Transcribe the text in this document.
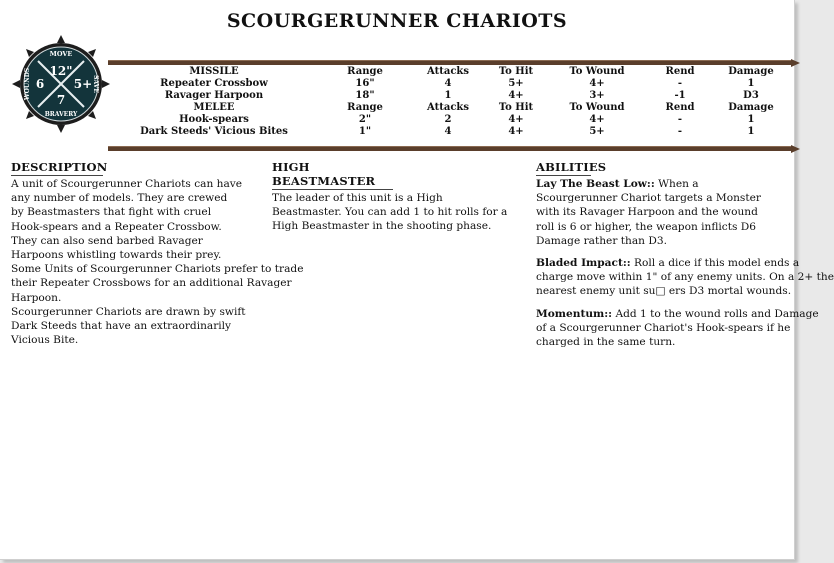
SCOURGERUNNER CHARIOTS
MOVE
12"
6 5+
7
BRAVERY
WOUNDS	SAVE
MISSILE	Range	Attacks	To Hit	To Wound	Rend	Damage
Repeater Crossbow	16"	4	5+	4+	-	1
Ravager Harpoon	18"	1	4+	3+	-1	D3
MELEE	Range	Attacks	To Hit	To Wound	Rend	Damage
Hook-spears	2"	2	4+	4+	-	1
Dark Steeds' Vicious Bites	1"	4	4+	5+	-	1
DESCRIPTION
A unit of Scourgerunner Chariots can have
any number of models. They are crewed
by Beastmasters that fight with cruel
Hook-spears and a Repeater Crossbow.
They can also send barbed Ravager
Harpoons whistling towards their prey.
Some Units of Scourgerunner Chariots prefer to trade
their Repeater Crossbows for an additional Ravager
Harpoon.
Scourgerunner Chariots are drawn by swift
Dark Steeds that have an extraordinarily
Vicious Bite.
HIGH BEASTMASTER
The leader of this unit is a High
Beastmaster. You can add 1 to hit rolls for a
High Beastmaster in the shooting phase.
ABILITIES
Lay The Beast Low:: When a
Scourgerunner Chariot targets a Monster
with its Ravager Harpoon and the wound
roll is 6 or higher, the weapon inflicts D6
Damage rather than D3.
Bladed Impact:: Roll a dice if this model ends a
charge move within 1" of any enemy units. On a 2+ the
nearest enemy unit su□ ers D3 mortal wounds.
Momentum:: Add 1 to the wound rolls and Damage
of a Scourgerunner Chariot's Hook-spears if he
charged in the same turn.
